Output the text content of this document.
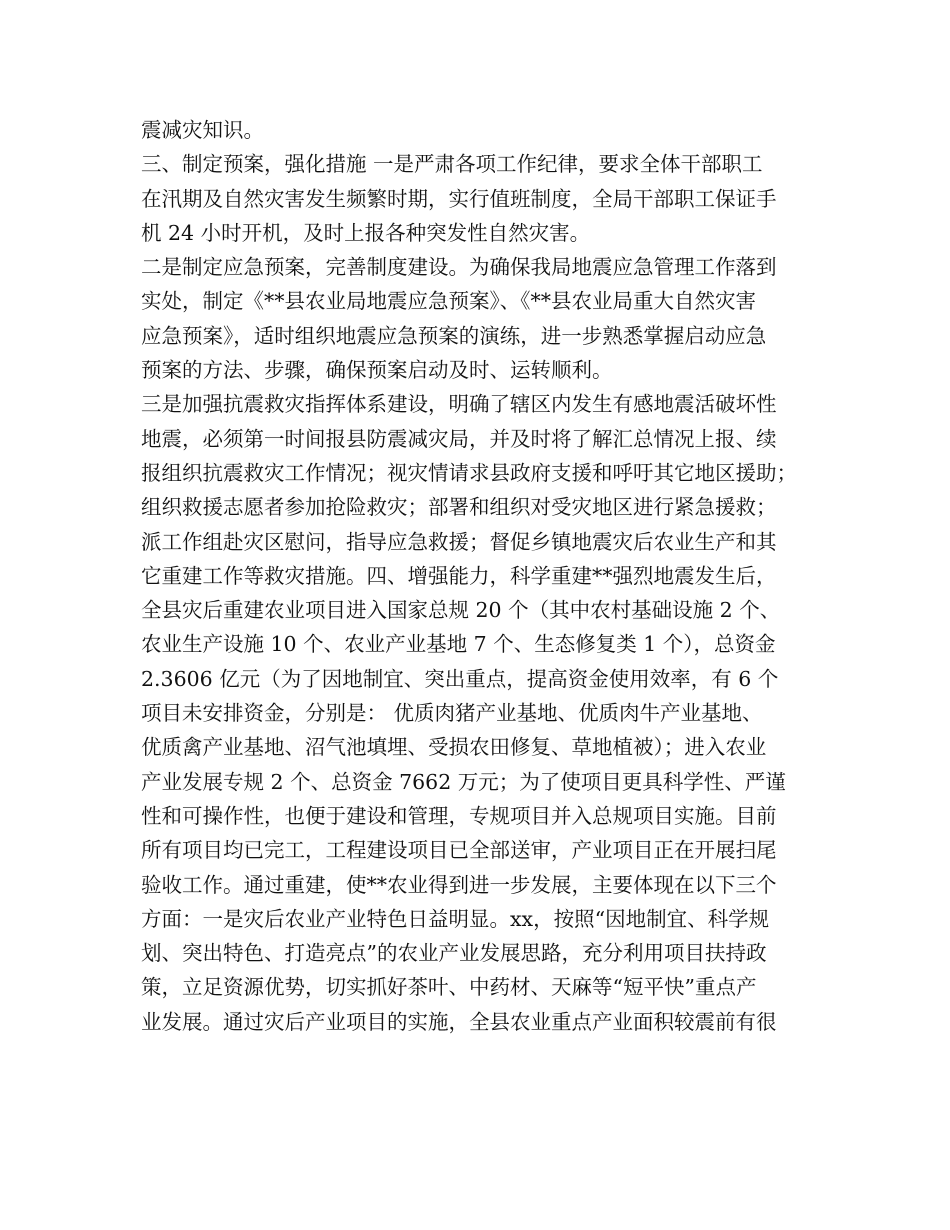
震减灾知识。
三、制定预案，强化措施 一是严肃各项工作纪律，要求全体干部职工
在汛期及自然灾害发生频繁时期，实行值班制度，全局干部职工保证手
机 24 小时开机，及时上报各种突发性自然灾害。
二是制定应急预案，完善制度建设。为确保我局地震应急管理工作落到
实处，制定《**县农业局地震应急预案》、《**县农业局重大自然灾害
应急预案》，适时组织地震应急预案的演练，进一步熟悉掌握启动应急
预案的方法、步骤，确保预案启动及时、运转顺利。
三是加强抗震救灾指挥体系建设，明确了辖区内发生有感地震活破坏性
地震，必须第一时间报县防震减灾局，并及时将了解汇总情况上报、续
报组织抗震救灾工作情况；视灾情请求县政府支援和呼吁其它地区援助；
组织救援志愿者参加抢险救灾；部署和组织对受灾地区进行紧急援救；
派工作组赴灾区慰问，指导应急救援；督促乡镇地震灾后农业生产和其
它重建工作等救灾措施。四、增强能力，科学重建**强烈地震发生后，
全县灾后重建农业项目进入国家总规 20 个（其中农村基础设施 2 个、
农业生产设施 10 个、农业产业基地 7 个、生态修复类 1 个），总资金
2.3606 亿元（为了因地制宜、突出重点，提高资金使用效率，有 6 个
项目未安排资金，分别是： 优质肉猪产业基地、优质肉牛产业基地、
优质禽产业基地、沼气池填埋、受损农田修复、草地植被）；进入农业
产业发展专规 2 个、总资金 7662 万元；为了使项目更具科学性、严谨
性和可操作性，也便于建设和管理，专规项目并入总规项目实施。目前
所有项目均已完工，工程建设项目已全部送审，产业项目正在开展扫尾
验收工作。通过重建，使**农业得到进一步发展，主要体现在以下三个
方面：一是灾后农业产业特色日益明显。xx，按照“因地制宜、科学规
划、突出特色、打造亮点”的农业产业发展思路，充分利用项目扶持政
策，立足资源优势，切实抓好茶叶、中药材、天麻等“短平快”重点产
业发展。通过灾后产业项目的实施，全县农业重点产业面积较震前有很
